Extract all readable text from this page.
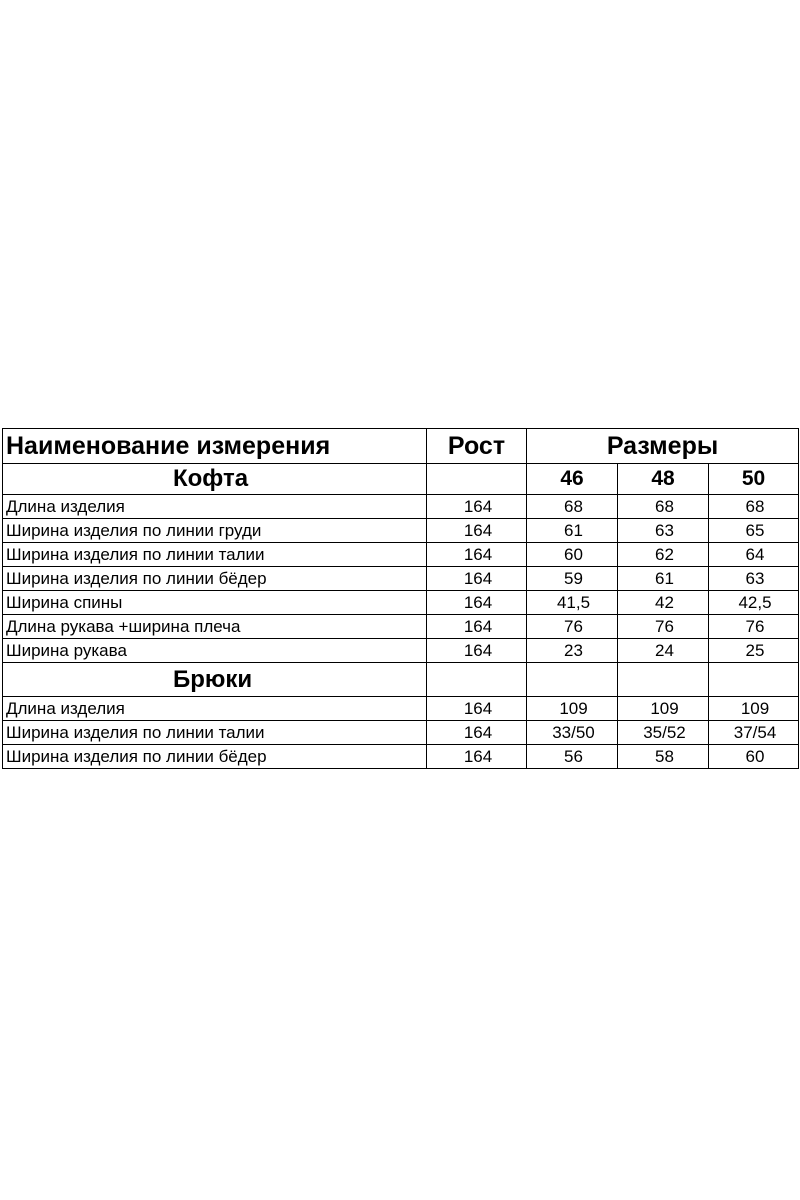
Наименование измерения	Рост	Размеры		
Кофта		46	48	50
Длина изделия	164	68	68	68
Ширина изделия по линии груди	164	61	63	65
Ширина изделия по линии талии	164	60	62	64
Ширина изделия по линии бёдер	164	59	61	63
Ширина спины	164	41,5	42	42,5
Длина рукава +ширина плеча	164	76	76	76
Ширина рукава	164	23	24	25
Брюки				
Длина изделия	164	109	109	109
Ширина изделия по линии талии	164	33/50	35/52	37/54
Ширина изделия по линии бёдер	164	56	58	60
